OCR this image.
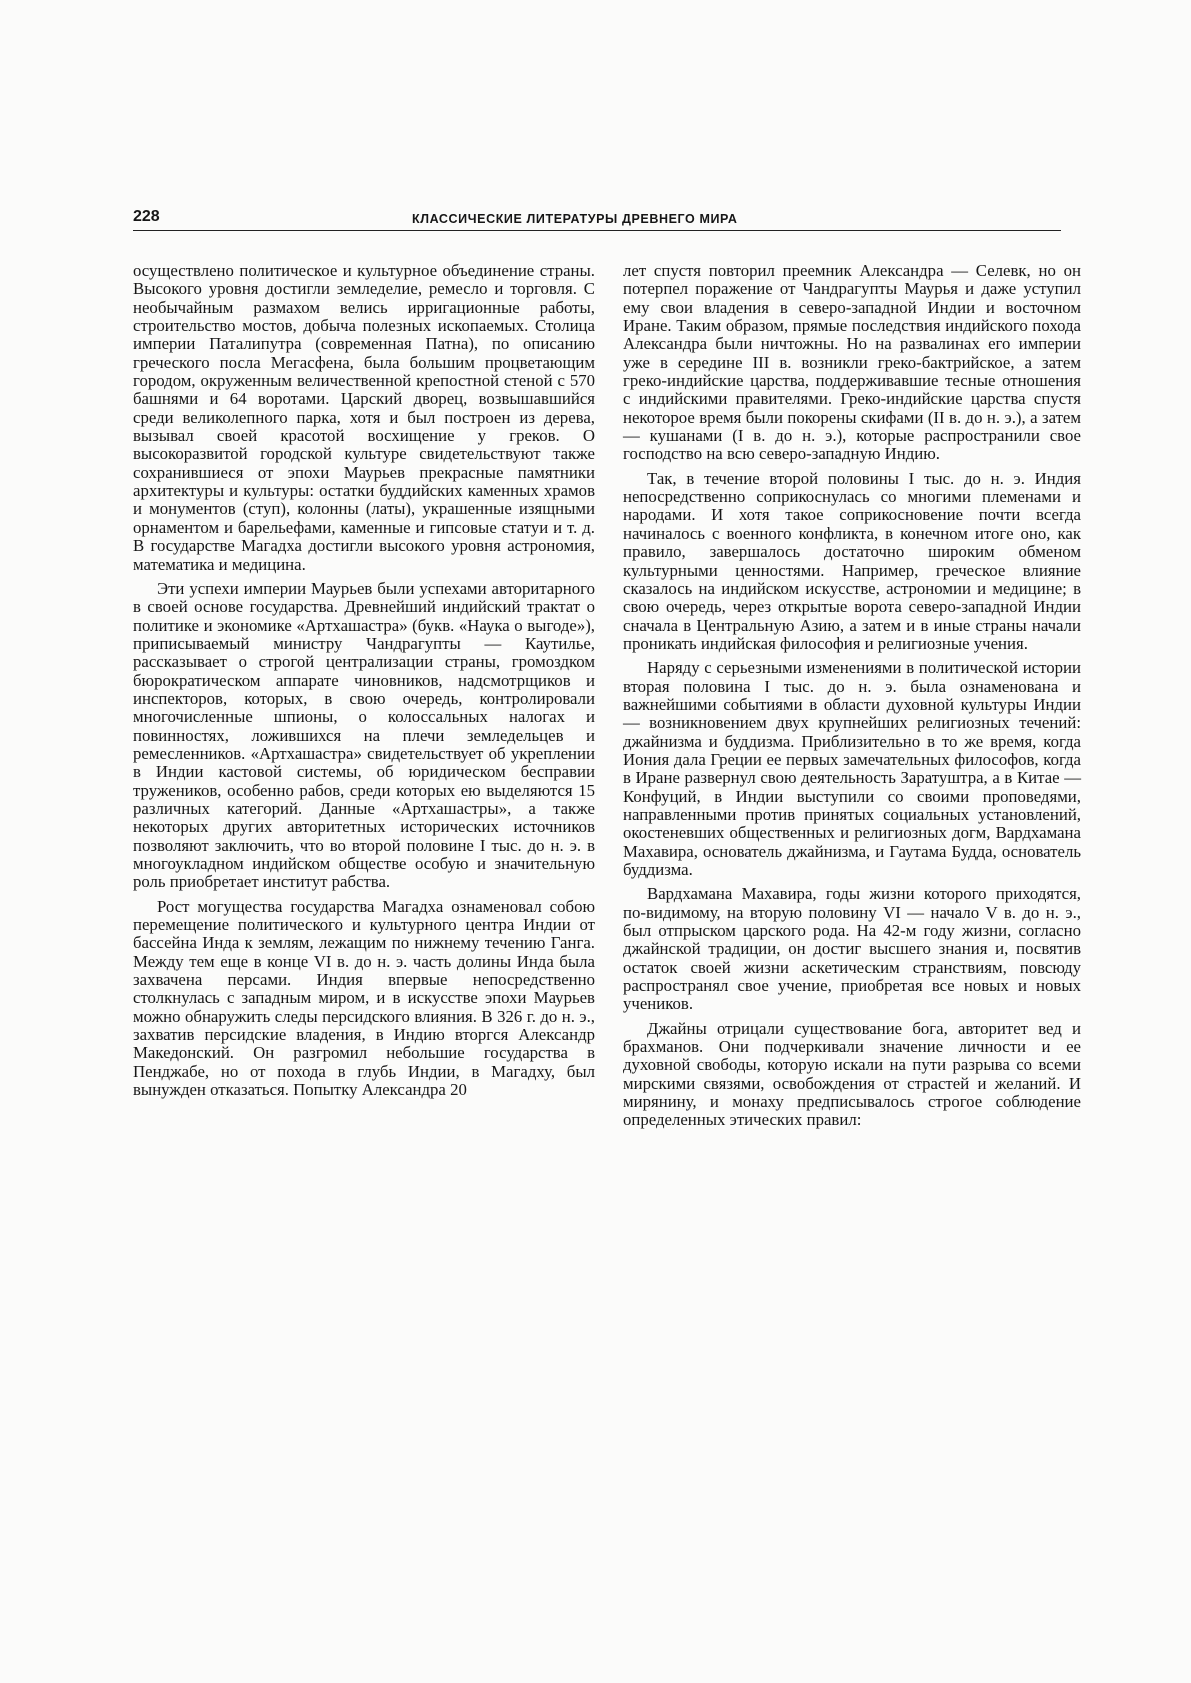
228	КЛАССИЧЕСКИЕ ЛИТЕРАТУРЫ ДРЕВНЕГО МИРА

осуществлено политическое и культурное объединение страны. Высокого уровня достигли земледелие, ремесло и торговля. С необычайным размахом велись ирригационные работы, строительство мостов, добыча полезных ископаемых. Столица империи Паталипутра (современная Патна), по описанию греческого посла Мегасфена, была большим процветающим городом, окруженным величественной крепостной стеной с 570 башнями и 64 воротами. Царский дворец, возвышавшийся среди великолепного парка, хотя и был построен из дерева, вызывал своей красотой восхищение у греков. О высокоразвитой городской культуре свидетельствуют также сохранившиеся от эпохи Маурьев прекрасные памятники архитектуры и культуры: остатки буддийских каменных храмов и монументов (ступ), колонны (латы), украшенные изящными орнаментом и барельефами, каменные и гипсовые статуи и т. д. В государстве Магадха достигли высокого уровня астрономия, математика и медицина.

Эти успехи империи Маурьев были успехами авторитарного в своей основе государства. Древнейший индийский трактат о политике и экономике «Артхашастра» (букв. «Наука о выгоде»), приписываемый министру Чандрагупты — Каутилье, рассказывает о строгой централизации страны, громоздком бюрократическом аппарате чиновников, надсмотрщиков и инспекторов, которых, в свою очередь, контролировали многочисленные шпионы, о колоссальных налогах и повинностях, ложившихся на плечи земледельцев и ремесленников. «Артхашастра» свидетельствует об укреплении в Индии кастовой системы, об юридическом бесправии тружеников, особенно рабов, среди которых ею выделяются 15 различных категорий. Данные «Артхашастры», а также некоторых других авторитетных исторических источников позволяют заключить, что во второй половине I тыс. до н. э. в многоукладном индийском обществе особую и значительную роль приобретает институт рабства.

Рост могущества государства Магадха ознаменовал собою перемещение политического и культурного центра Индии от бассейна Инда к землям, лежащим по нижнему течению Ганга. Между тем еще в конце VI в. до н. э. часть долины Инда была захвачена персами. Индия впервые непосредственно столкнулась с западным миром, и в искусстве эпохи Маурьев можно обнаружить следы персидского влияния. В 326 г. до н. э., захватив персидские владения, в Индию вторгся Александр Македонский. Он разгромил небольшие государства в Пенджабе, но от похода в глубь Индии, в Магадху, был вынужден отказаться. Попытку Александра 20

лет спустя повторил преемник Александра — Селевк, но он потерпел поражение от Чандрагупты Маурья и даже уступил ему свои владения в северо-западной Индии и восточном Иране. Таким образом, прямые последствия индийского похода Александра были ничтожны. Но на развалинах его империи уже в середине III в. возникли греко-бактрийское, а затем греко-индийские царства, поддерживавшие тесные отношения с индийскими правителями. Греко-индийские царства спустя некоторое время были покорены скифами (II в. до н. э.), а затем — кушанами (I в. до н. э.), которые распространили свое господство на всю северо-западную Индию.

Так, в течение второй половины I тыс. до н. э. Индия непосредственно соприкоснулась со многими племенами и народами. И хотя такое соприкосновение почти всегда начиналось с военного конфликта, в конечном итоге оно, как правило, завершалось достаточно широким обменом культурными ценностями. Например, греческое влияние сказалось на индийском искусстве, астрономии и медицине; в свою очередь, через открытые ворота северо-западной Индии сначала в Центральную Азию, а затем и в иные страны начали проникать индийская философия и религиозные учения.

Наряду с серьезными изменениями в политической истории вторая половина I тыс. до н. э. была ознаменована и важнейшими событиями в области духовной культуры Индии — возникновением двух крупнейших религиозных течений: джайнизма и буддизма. Приблизительно в то же время, когда Иония дала Греции ее первых замечательных философов, когда в Иране развернул свою деятельность Заратуштра, а в Китае — Конфуций, в Индии выступили со своими проповедями, направленными против принятых социальных установлений, окостеневших общественных и религиозных догм, Вардхамана Махавира, основатель джайнизма, и Гаутама Будда, основатель буддизма.

Вардхамана Махавира, годы жизни которого приходятся, по-видимому, на вторую половину VI — начало V в. до н. э., был отпрыском царского рода. На 42-м году жизни, согласно джайнской традиции, он достиг высшего знания и, посвятив остаток своей жизни аскетическим странствиям, повсюду распространял свое учение, приобретая все новых и новых учеников.

Джайны отрицали существование бога, авторитет вед и брахманов. Они подчеркивали значение личности и ее духовной свободы, которую искали на пути разрыва со всеми мирскими связями, освобождения от страстей и желаний. И мирянину, и монаху предписывалось строгое соблюдение определенных этических правил:
